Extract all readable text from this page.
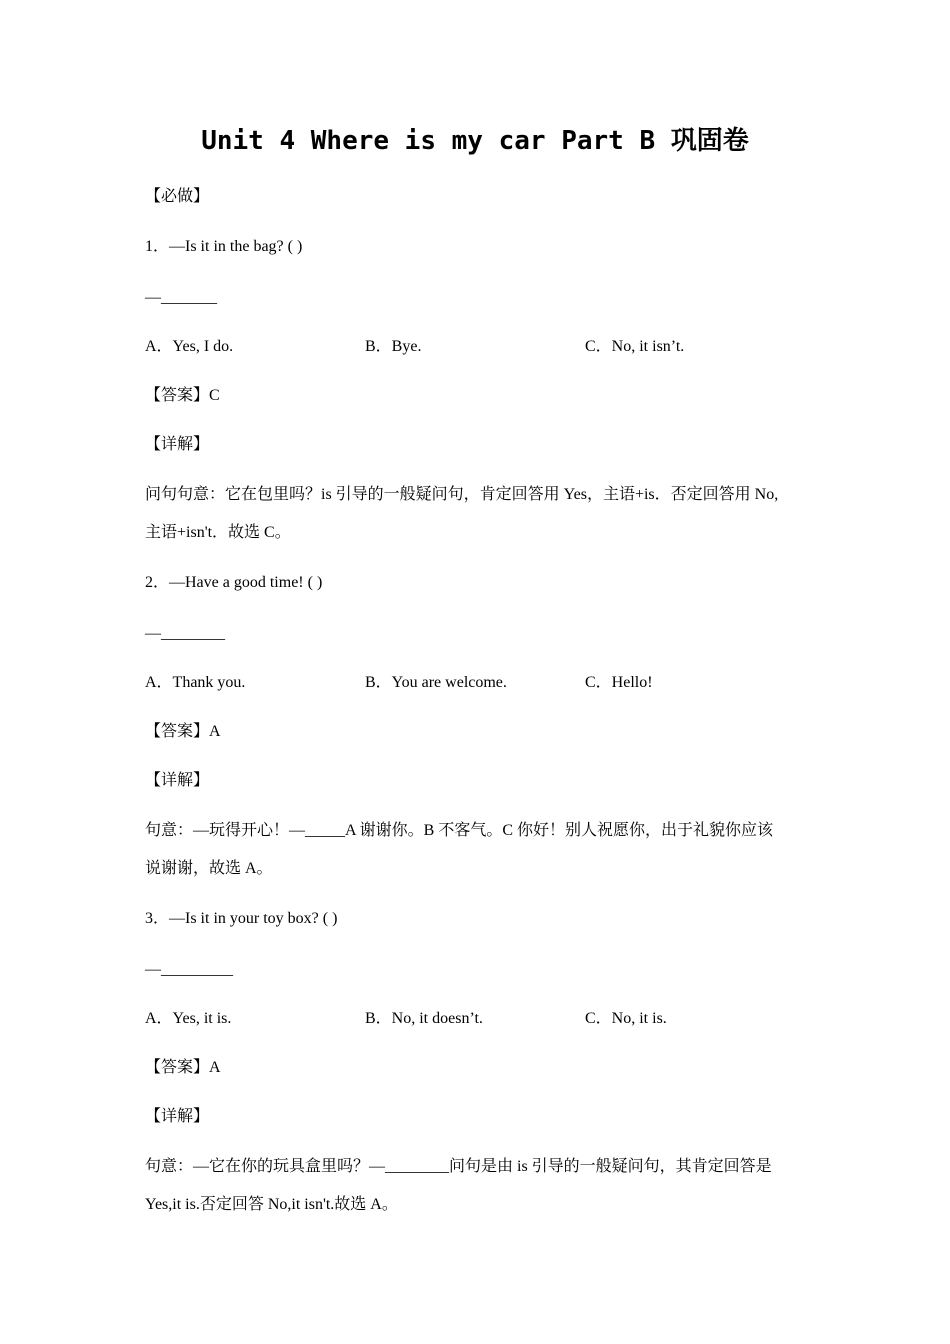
Unit 4 Where is my car Part B 巩固卷
【必做】
1．—Is it in the bag? ( )
—_______
A．Yes, I do.	B．Bye.	C．No, it isn’t.
【答案】C
【详解】
问句句意：它在包里吗？is 引导的一般疑问句，肯定回答用 Yes，主语+is．否定回答用 No,
主语+isn't．故选 C。
2．—Have a good time! ( )
—________
A．Thank you.	B．You are welcome.	C．Hello!
【答案】A
【详解】
句意：—玩得开心！—_____A 谢谢你。B 不客气。C 你好！别人祝愿你，出于礼貌你应该
说谢谢，故选 A。
3．—Is it in your toy box? ( )
—_________
A．Yes, it is.	B．No, it doesn’t.	C．No, it is.
【答案】A
【详解】
句意：—它在你的玩具盒里吗？—________问句是由 is 引导的一般疑问句，其肯定回答是
Yes,it is.否定回答 No,it isn't.故选 A。
